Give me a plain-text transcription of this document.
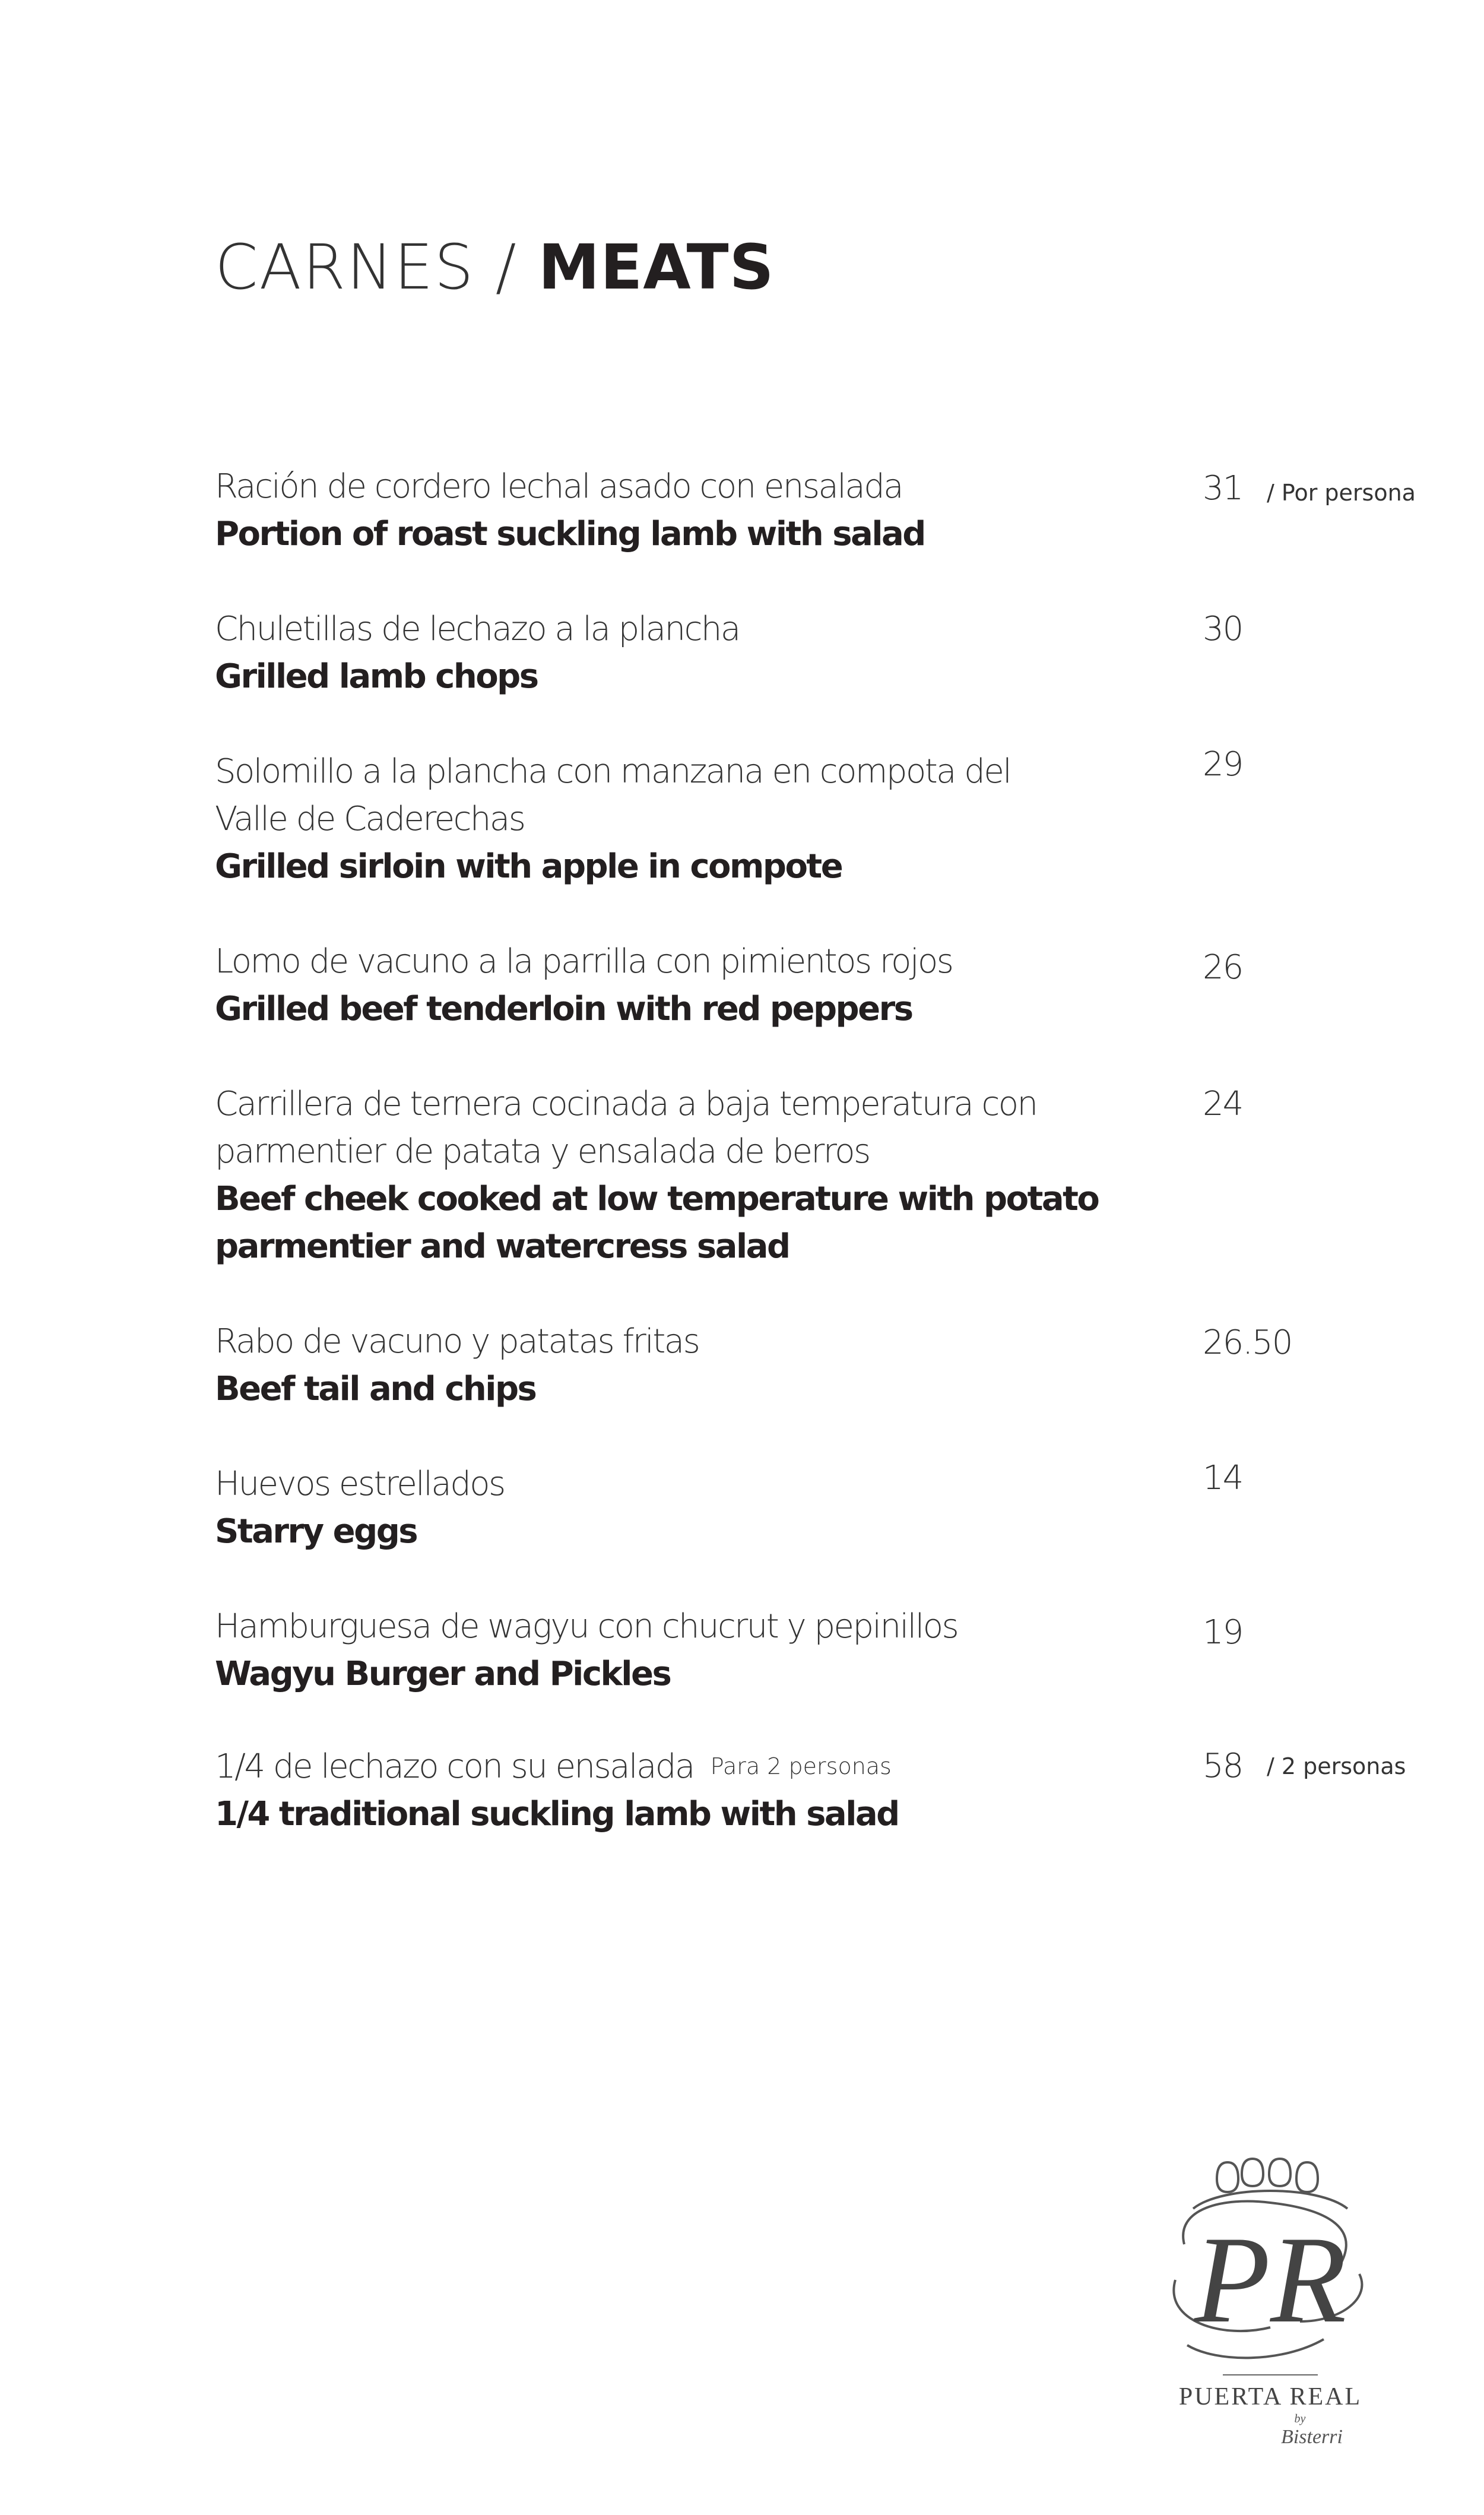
CARNES / MEATS
Ración de cordero lechal asado con ensalada
Portion of roast suckling lamb with salad
31 / Por persona
Chuletillas de lechazo a la plancha
Grilled lamb chops
30
Solomillo a la plancha con manzana en compota del
Valle de Caderechas
Grilled sirloin with apple in compote
29
Lomo de vacuno a la parrilla con pimientos rojos
Grilled beef tenderloin with red peppers
26
Carrillera de ternera cocinada a baja temperatura con
parmentier de patata y ensalada de berros
Beef cheek cooked at low temperature with potato
parmentier and watercress salad
24
Rabo de vacuno y patatas fritas
Beef tail and chips
26.50
Huevos estrellados
Starry eggs
14
Hamburguesa de wagyu con chucrut y pepinillos
Wagyu Burger and Pickles
19
1/4 de lechazo con su ensalada Para 2 personas
1/4 traditional suckling lamb with salad
58 / 2 personas
PR
PUERTA REAL
by
Bisterri
